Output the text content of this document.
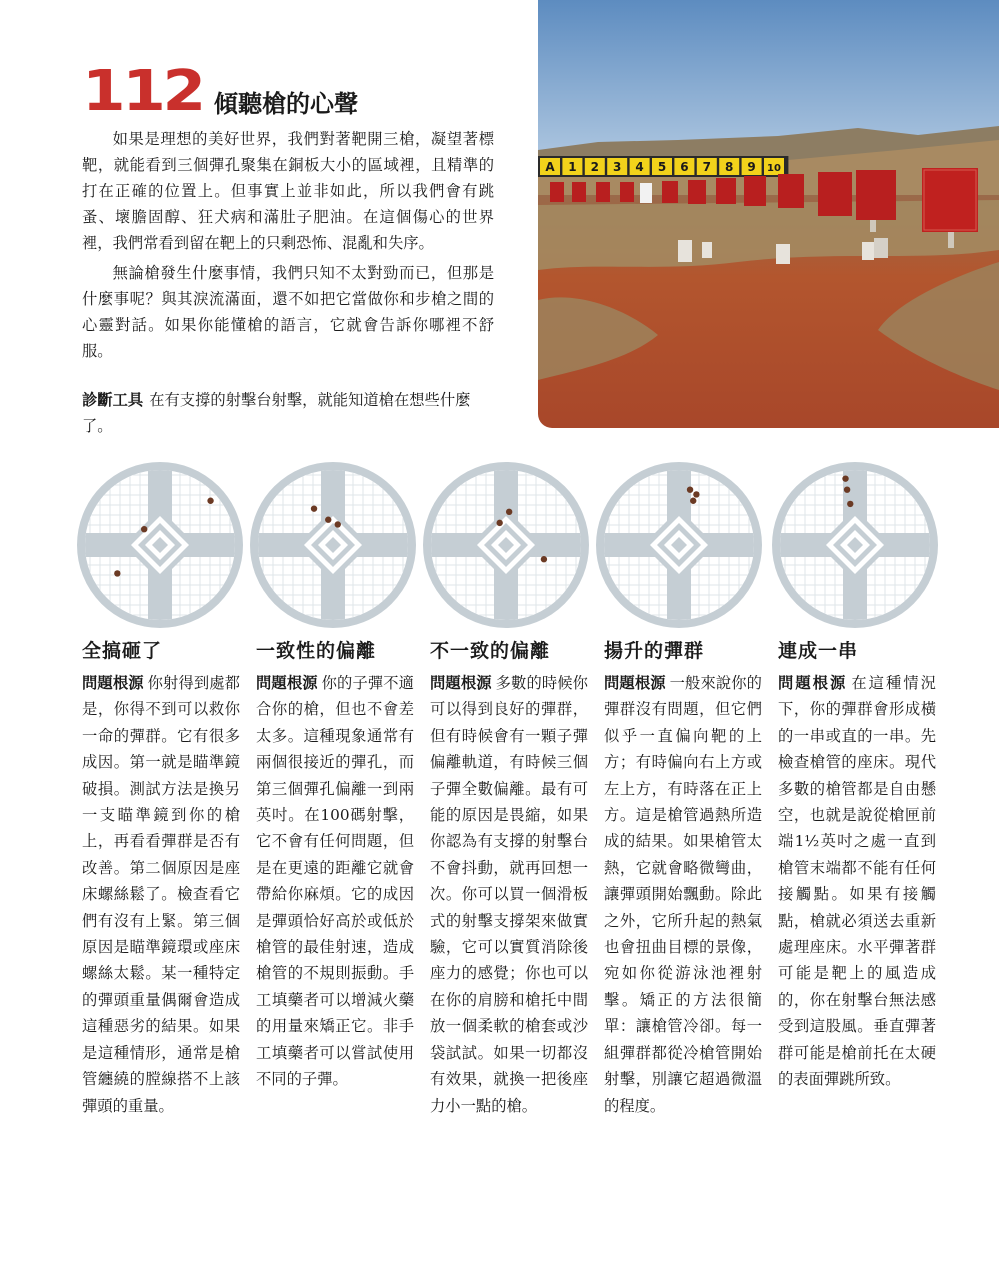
112 傾聽槍的心聲

如果是理想的美好世界，我們對著靶開三槍，凝望著標靶，就能看到三個彈孔聚集在銅板大小的區域裡，且精準的打在正確的位置上。但事實上並非如此，所以我們會有跳蚤、壞膽固醇、狂犬病和滿肚子肥油。在這個傷心的世界裡，我們常看到留在靶上的只剩恐怖、混亂和失序。

無論槍發生什麼事情，我們只知不太對勁而已，但那是什麼事呢？與其淚流滿面，還不如把它當做你和步槍之間的心靈對話。如果你能懂槍的語言，它就會告訴你哪裡不舒服。

診斷工具 在有支撐的射擊台射擊，就能知道槍在想些什麼了。
A 1 2 3 4 5 6 7 8 9 10
全搞砸了
問題根源 你射得到處都是，你得不到可以救你一命的彈群。它有很多成因。第一就是瞄準鏡破損。測試方法是換另一支瞄準鏡到你的槍上，再看看彈群是否有改善。第二個原因是座床螺絲鬆了。檢查看它們有沒有上緊。第三個原因是瞄準鏡環或座床螺絲太鬆。某一種特定的彈頭重量偶爾會造成這種惡劣的結果。如果是這種情形，通常是槍管纏繞的膛線搭不上該彈頭的重量。
一致性的偏離
問題根源 你的子彈不適合你的槍，但也不會差太多。這種現象通常有兩個很接近的彈孔，而第三個彈孔偏離一到兩英吋。在100碼射擊，它不會有任何問題，但是在更遠的距離它就會帶給你麻煩。它的成因是彈頭恰好高於或低於槍管的最佳射速，造成槍管的不規則振動。手工填藥者可以增減火藥的用量來矯正它。非手工填藥者可以嘗試使用不同的子彈。
不一致的偏離
問題根源 多數的時候你可以得到良好的彈群，但有時候會有一顆子彈偏離軌道，有時候三個子彈全數偏離。最有可能的原因是畏縮，如果你認為有支撐的射擊台不會抖動，就再回想一次。你可以買一個滑板式的射擊支撐架來做實驗，它可以實質消除後座力的感覺；你也可以在你的肩膀和槍托中間放一個柔軟的槍套或沙袋試試。如果一切都沒有效果，就換一把後座力小一點的槍。
揚升的彈群
問題根源 一般來說你的彈群沒有問題，但它們似乎一直偏向靶的上方；有時偏向右上方或左上方，有時落在正上方。這是槍管過熱所造成的結果。如果槍管太熱，它就會略微彎曲，讓彈頭開始飄動。除此之外，它所升起的熱氣也會扭曲目標的景像，宛如你從游泳池裡射擊。矯正的方法很簡單：讓槍管冷卻。每一組彈群都從冷槍管開始射擊，別讓它超過微溫的程度。
連成一串
問題根源 在這種情況下，你的彈群會形成橫的一串或直的一串。先檢查槍管的座床。現代多數的槍管都是自由懸空，也就是說從槍匣前端1½英吋之處一直到槍管末端都不能有任何接觸點。如果有接觸點，槍就必須送去重新處理座床。水平彈著群可能是靶上的風造成的，你在射擊台無法感受到這股風。垂直彈著群可能是槍前托在太硬的表面彈跳所致。
